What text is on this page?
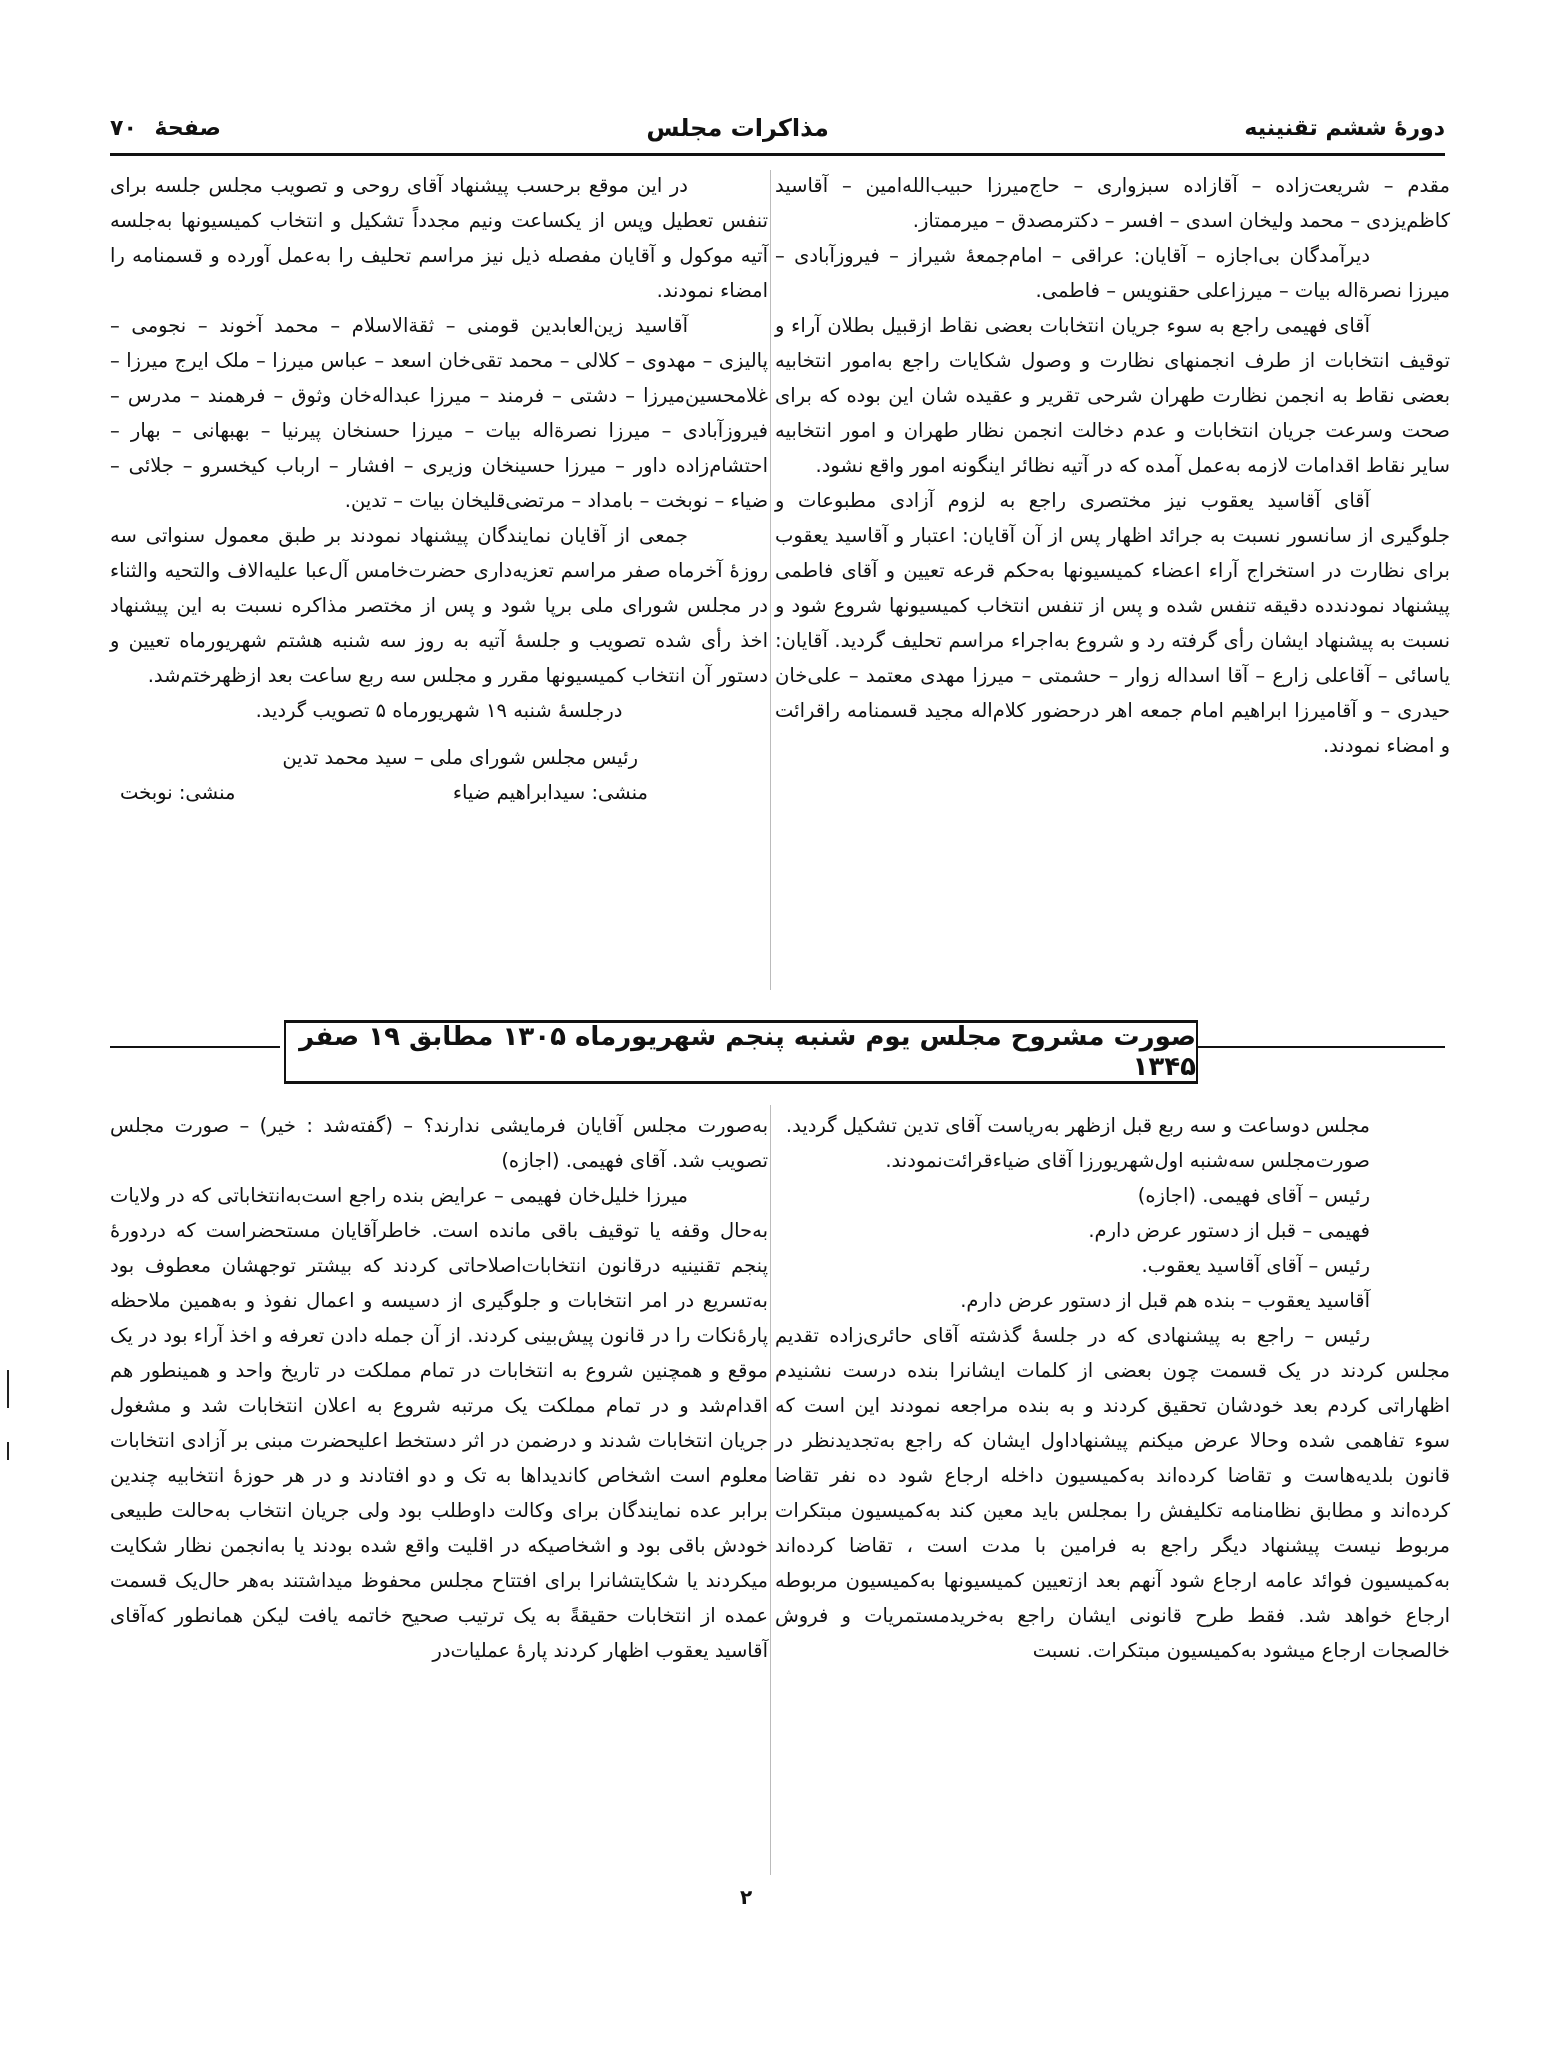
دورۀ ششم تقنینیه
مذاکرات مجلس
صفحۀ ۷۰

مقدم – شریعت‌زاده – آقازاده سبزواری – حاج‌میرزا حبیب‌الله‌امین – آقاسید کاظم‌یزدی – محمد ولیخان اسدی – افسر – دکترمصدق – میرممتاز.

دیرآمدگان بی‌اجازه – آقایان: عراقی – امام‌جمعۀ شیراز – فیروزآبادی – میرزا نصرةاله بیات – میرزاعلی حقنویس – فاطمی.

آقای فهیمی راجع به سوء جریان انتخابات بعضی نقاط ازقبیل بطلان آراء و توقیف انتخابات از طرف انجمنهای نظارت و وصول شکایات راجع به‌امور انتخابیه بعضی نقاط به انجمن نظارت طهران شرحی تقریر و عقیده شان این بوده که برای صحت وسرعت جریان انتخابات و عدم دخالت انجمن نظار طهران و امور انتخابیه سایر نقاط اقدامات لازمه به‌عمل آمده که در آتیه نظائر اینگونه امور واقع نشود.

آقای آقاسید یعقوب نیز مختصری راجع به لزوم آزادی مطبوعات و جلوگیری از سانسور نسبت به جرائد اظهار پس از آن آقایان: اعتبار و آقاسید یعقوب برای نظارت در استخراج آراء اعضاء کمیسیونها به‌حکم قرعه تعیین و آقای فاطمی پیشنهاد نمودندده دقیقه تنفس شده و پس از تنفس انتخاب کمیسیونها شروع شود و نسبت به پیشنهاد ایشان رأی گرفته رد و شروع به‌اجراء مراسم تحلیف گردید. آقایان: یاسائی – آقاعلی زارع – آقا اسداله زوار – حشمتی – میرزا مهدی معتمد – علی‌خان حیدری – و آقامیرزا ابراهیم امام جمعه اهر درحضور کلام‌اله مجید قسمنامه راقرائت و امضاء نمودند.

در این موقع برحسب پیشنهاد آقای روحی و تصویب مجلس جلسه برای تنفس تعطیل وپس از یکساعت ونیم مجدداً تشکیل و انتخاب کمیسیونها به‌جلسه آتیه موکول و آقایان مفصله ذیل نیز مراسم تحلیف را به‌عمل آورده و قسمنامه را امضاء نمودند.

آقاسید زین‌العابدین قومنی – ثقةالاسلام – محمد آخوند – نجومی – پالیزی – مهدوی – کلالی – محمد تقی‌خان اسعد – عباس میرزا – ملک ایرج میرزا – غلامحسین‌میرزا – دشتی – فرمند – میرزا عبداله‌خان وثوق – فرهمند – مدرس – فیروزآبادی – میرزا نصرةاله بیات – میرزا حسنخان پیرنیا – بهبهانی – بهار – احتشام‌زاده داور – میرزا حسینخان وزیری – افشار – ارباب کیخسرو – جلائی – ضیاء – نوبخت – بامداد – مرتضی‌قلیخان بیات – تدین.

جمعی از آقایان نمایندگان پیشنهاد نمودند بر طبق معمول سنواتی سه روزۀ آخرماه صفر مراسم تعزیه‌داری حضرت‌خامس آل‌عبا علیه‌الاف والتحیه والثناء در مجلس شورای ملی برپا شود و پس از مختصر مذاکره نسبت به این پیشنهاد اخذ رأی شده تصویب و جلسۀ آتیه به روز سه شنبه هشتم شهریورماه تعیین و دستور آن انتخاب کمیسیونها مقرر و مجلس سه ربع ساعت بعد ازظهرختم‌شد.

درجلسۀ شنبه ۱۹ شهریورماه ۵ تصویب گردید.

رئیس مجلس شورای ملی – سید محمد تدین

منشی: سیدابراهیم ضیاء
منشی: نوبخت

صورت مشروح مجلس یوم شنبه پنجم شهریورماه ۱۳۰۵ مطابق ۱۹ صفر ۱۳۴۵

مجلس دوساعت و سه ربع قبل ازظهر به‌ریاست آقای تدین تشکیل گردید.

صورت‌مجلس سه‌شنبه اول‌شهریورزا آقای ضیاءقرائت‌نمودند.

رئیس – آقای فهیمی. (اجازه)

فهیمی – قبل از دستور عرض دارم.

رئیس – آقای آقاسید یعقوب.

آقاسید یعقوب – بنده هم قبل از دستور عرض دارم.

رئیس – راجع به پیشنهادی که در جلسۀ گذشته آقای حائری‌زاده تقدیم مجلس کردند در یک قسمت چون بعضی از کلمات ایشانرا بنده درست نشنیدم اظهاراتی کردم بعد خودشان تحقیق کردند و به بنده مراجعه نمودند این است که سوء تفاهمی شده وحالا عرض میکنم پیشنهاداول ایشان که راجع به‌تجدیدنظر در قانون بلدیه‌هاست و تقاضا کرده‌اند به‌کمیسیون داخله ارجاع شود ده نفر تقاضا کرده‌اند و مطابق نظامنامه تکلیفش را بمجلس باید معین کند به‌کمیسیون مبتکرات مربوط نیست پیشنهاد دیگر راجع به فرامین با مدت است ، تقاضا کرده‌اند به‌کمیسیون فوائد عامه ارجاع شود آنهم بعد ازتعیین کمیسیونها به‌کمیسیون مربوطه ارجاع خواهد شد. فقط طرح قانونی ایشان راجع به‌خریدمستمریات و فروش خالصجات ارجاع میشود به‌کمیسیون مبتکرات. نسبت

به‌صورت مجلس آقایان فرمایشی ندارند؟ – (گفته‌شد : خیر) – صورت مجلس تصویب شد. آقای فهیمی. (اجازه)

میرزا خلیل‌خان فهیمی – عرایض بنده راجع است‌به‌انتخاباتی که در ولایات به‌حال وقفه یا توقیف باقی مانده است. خاطرآقایان مستحضراست که دردورۀ پنجم تقنینیه درقانون انتخابات‌اصلاحاتی کردند که بیشتر توجهشان معطوف بود به‌تسریع در امر انتخابات و جلوگیری از دسیسه و اعمال نفوذ و به‌همین ملاحظه پارۀنکات را در قانون پیش‌بینی کردند. از آن جمله دادن تعرفه و اخذ آراء بود در یک موقع و همچنین شروع به انتخابات در تمام مملکت در تاریخ واحد و همینطور هم اقدام‌شد و در تمام مملکت یک مرتبه شروع به اعلان انتخابات شد و مشغول جریان انتخابات شدند و درضمن در اثر دستخط اعلیحضرت مبنی بر آزادی انتخابات معلوم است اشخاص کاندیداها به تک و دو افتادند و در هر حوزۀ انتخابیه چندین برابر عده نمایندگان برای وکالت داوطلب بود ولی جریان انتخاب به‌حالت طبیعی خودش باقی بود و اشخاصیکه در اقلیت واقع شده بودند یا به‌انجمن نظار شکایت میکردند یا شکایتشانرا برای افتتاح مجلس محفوظ میداشتند به‌هر حال‌یک قسمت عمده از انتخابات حقیقةً به یک ترتیب صحیح خاتمه یافت لیکن همانطور که‌آقای آقاسید یعقوب اظهار کردند پارۀ عملیات‌در

۲
